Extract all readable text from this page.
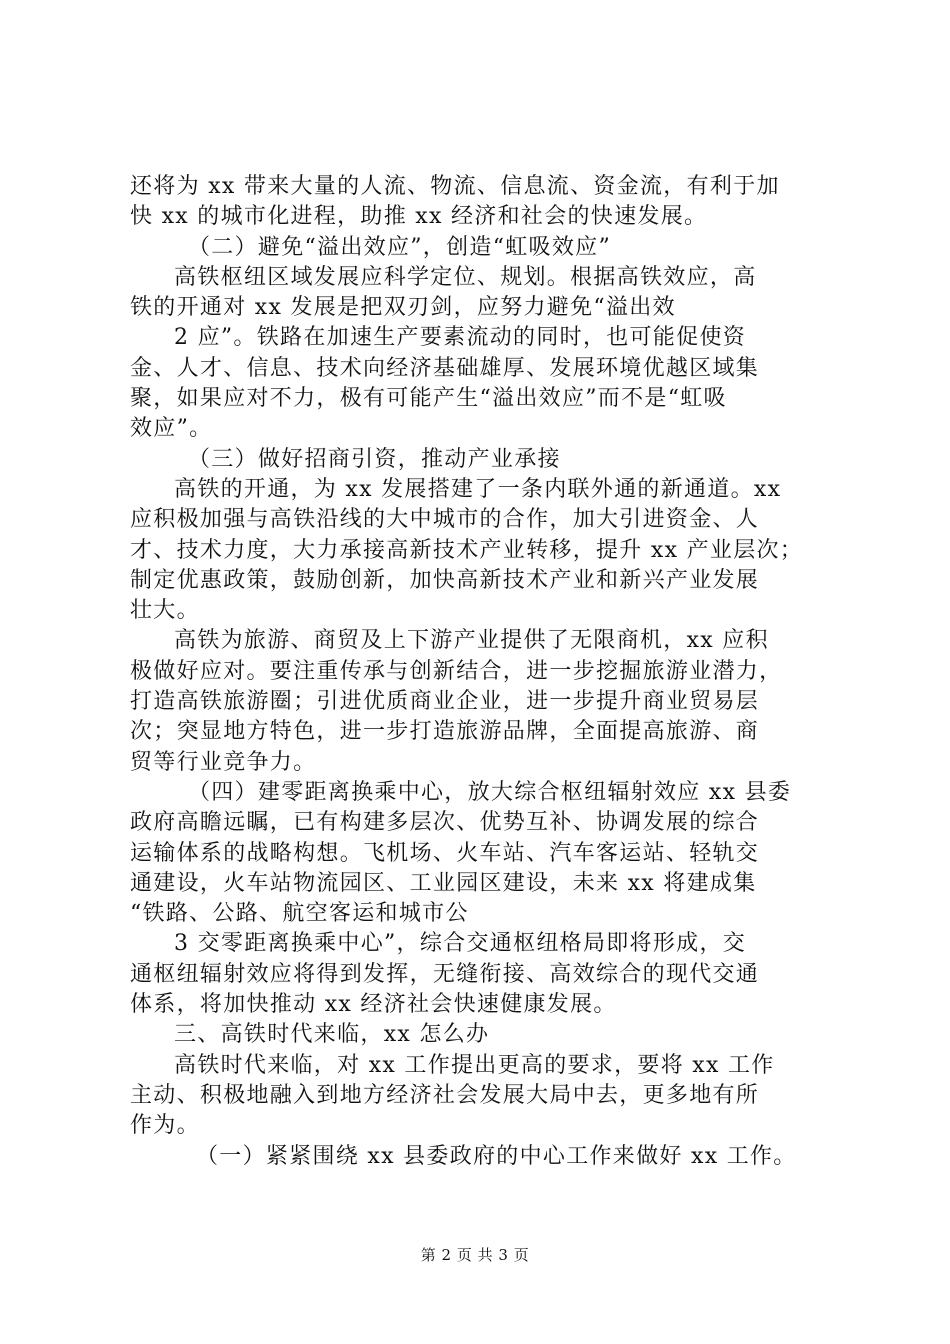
还将为 xx 带来大量的人流、物流、信息流、资金流，有利于加
快 xx 的城市化进程，助推 xx 经济和社会的快速发展。
（二）避免“溢出效应”，创造“虹吸效应”
高铁枢纽区域发展应科学定位、规划。根据高铁效应，高
铁的开通对 xx 发展是把双刃剑，应努力避免“溢出效
2 应”。铁路在加速生产要素流动的同时，也可能促使资
金、人才、信息、技术向经济基础雄厚、发展环境优越区域集
聚，如果应对不力，极有可能产生“溢出效应”而不是“虹吸
效应”。
（三）做好招商引资，推动产业承接
高铁的开通，为 xx 发展搭建了一条内联外通的新通道。xx
应积极加强与高铁沿线的大中城市的合作，加大引进资金、人
才、技术力度，大力承接高新技术产业转移，提升 xx 产业层次；
制定优惠政策，鼓励创新，加快高新技术产业和新兴产业发展
壮大。
高铁为旅游、商贸及上下游产业提供了无限商机，xx 应积
极做好应对。要注重传承与创新结合，进一步挖掘旅游业潜力，
打造高铁旅游圈；引进优质商业企业，进一步提升商业贸易层
次；突显地方特色，进一步打造旅游品牌，全面提高旅游、商
贸等行业竞争力。
（四）建零距离换乘中心，放大综合枢纽辐射效应 xx 县委
政府高瞻远瞩，已有构建多层次、优势互补、协调发展的综合
运输体系的战略构想。飞机场、火车站、汽车客运站、轻轨交
通建设，火车站物流园区、工业园区建设，未来 xx 将建成集
“铁路、公路、航空客运和城市公
3 交零距离换乘中心”，综合交通枢纽格局即将形成，交
通枢纽辐射效应将得到发挥，无缝衔接、高效综合的现代交通
体系，将加快推动 xx 经济社会快速健康发展。
三、高铁时代来临，xx 怎么办
高铁时代来临，对 xx 工作提出更高的要求，要将 xx 工作
主动、积极地融入到地方经济社会发展大局中去，更多地有所
作为。
（一）紧紧围绕 xx 县委政府的中心工作来做好 xx 工作。
第 2 页 共 3 页
